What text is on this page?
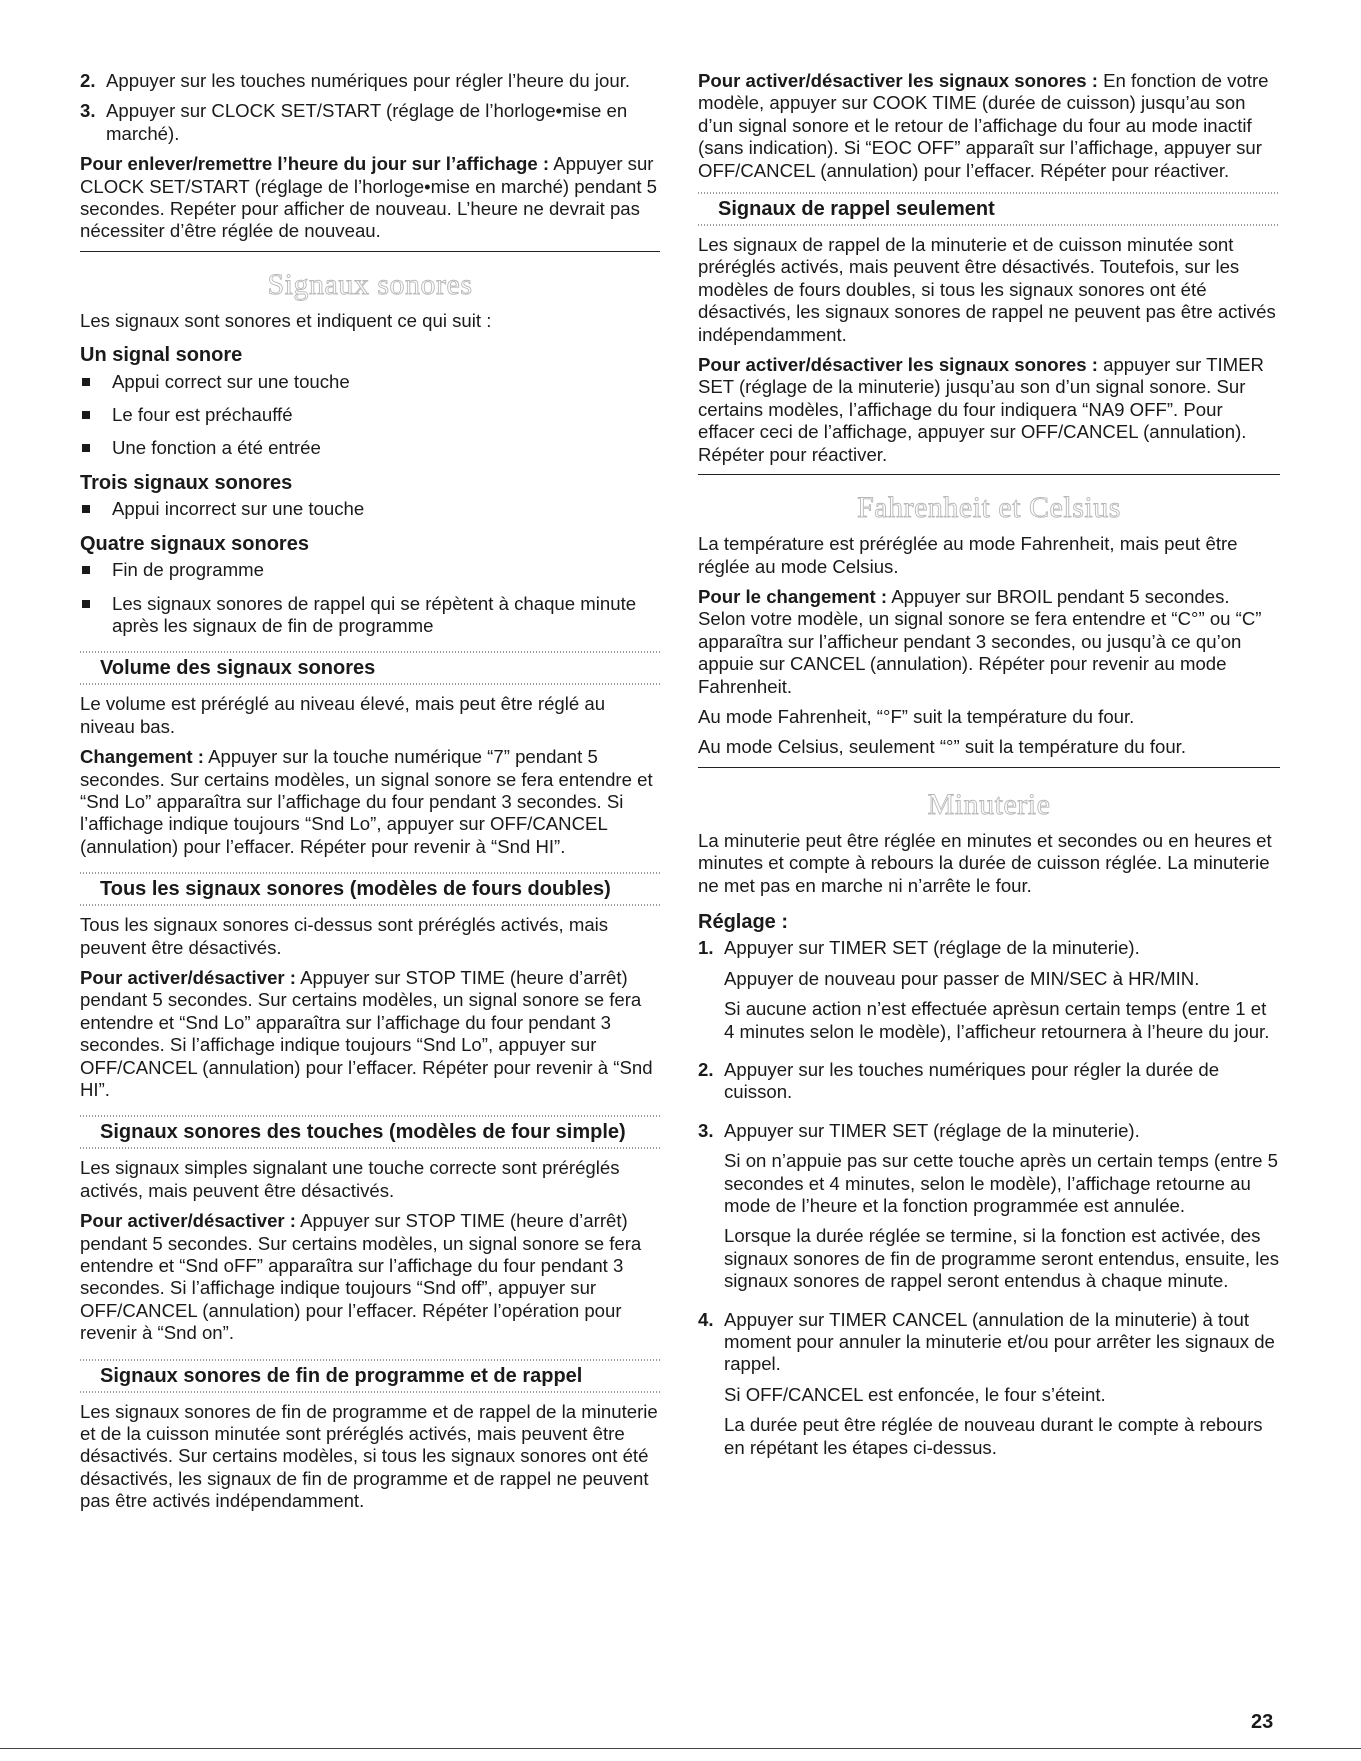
2. Appuyer sur les touches numériques pour régler l’heure du jour.
3. Appuyer sur CLOCK SET/START (réglage de l’horloge•mise en marché).

Pour enlever/remettre l’heure du jour sur l’affichage : Appuyer sur CLOCK SET/START (réglage de l’horloge•mise en marché) pendant 5 secondes. Repéter pour afficher de nouveau. L’heure ne devrait pas nécessiter d’être réglée de nouveau.

Signaux sonores

Les signaux sont sonores et indiquent ce qui suit :

Un signal sonore
Appui correct sur une touche
Le four est préchauffé
Une fonction a été entrée
Trois signaux sonores
Appui incorrect sur une touche
Quatre signaux sonores
Fin de programme
Les signaux sonores de rappel qui se répètent à chaque minute après les signaux de fin de programme
Volume des signaux sonores

Le volume est préréglé au niveau élevé, mais peut être réglé au niveau bas.

Changement : Appuyer sur la touche numérique “7” pendant 5 secondes. Sur certains modèles, un signal sonore se fera entendre et “Snd Lo” apparaîtra sur l’affichage du four pendant 3 secondes. Si l’affichage indique toujours “Snd Lo”, appuyer sur OFF/CANCEL (annulation) pour l’effacer. Répéter pour revenir à “Snd HI”.

Tous les signaux sonores (modèles de fours doubles)

Tous les signaux sonores ci-dessus sont préréglés activés, mais peuvent être désactivés.

Pour activer/désactiver : Appuyer sur STOP TIME (heure d’arrêt) pendant 5 secondes. Sur certains modèles, un signal sonore se fera entendre et “Snd Lo” apparaîtra sur l’affichage du four pendant 3 secondes. Si l’affichage indique toujours “Snd Lo”, appuyer sur OFF/CANCEL (annulation) pour l’effacer. Répéter pour revenir à “Snd HI”.

Signaux sonores des touches (modèles de four simple)

Les signaux simples signalant une touche correcte sont préréglés activés, mais peuvent être désactivés.

Pour activer/désactiver : Appuyer sur STOP TIME (heure d’arrêt) pendant 5 secondes. Sur certains modèles, un signal sonore se fera entendre et “Snd oFF” apparaîtra sur l’affichage du four pendant 3 secondes. Si l’affichage indique toujours “Snd off”, appuyer sur OFF/CANCEL (annulation) pour l’effacer. Répéter l’opération pour revenir à “Snd on”.

Signaux sonores de fin de programme et de rappel

Les signaux sonores de fin de programme et de rappel de la minuterie et de la cuisson minutée sont préréglés activés, mais peuvent être désactivés. Sur certains modèles, si tous les signaux sonores ont été désactivés, les signaux de fin de programme et de rappel ne peuvent pas être activés indépendamment.

Pour activer/désactiver les signaux sonores : En fonction de votre modèle, appuyer sur COOK TIME (durée de cuisson) jusqu’au son d’un signal sonore et le retour de l’affichage du four au mode inactif (sans indication). Si “EOC OFF” apparaît sur l’affichage, appuyer sur OFF/CANCEL (annulation) pour l’effacer. Répéter pour réactiver.

Signaux de rappel seulement

Les signaux de rappel de la minuterie et de cuisson minutée sont préréglés activés, mais peuvent être désactivés. Toutefois, sur les modèles de fours doubles, si tous les signaux sonores ont été désactivés, les signaux sonores de rappel ne peuvent pas être activés indépendamment.

Pour activer/désactiver les signaux sonores : appuyer sur TIMER SET (réglage de la minuterie) jusqu’au son d’un signal sonore. Sur certains modèles, l’affichage du four indiquera “NA9 OFF”. Pour effacer ceci de l’affichage, appuyer sur OFF/CANCEL (annulation). Répéter pour réactiver.

Fahrenheit et Celsius

La température est préréglée au mode Fahrenheit, mais peut être réglée au mode Celsius.

Pour le changement : Appuyer sur BROIL pendant 5 secondes. Selon votre modèle, un signal sonore se fera entendre et “C°” ou “C” apparaîtra sur l’afficheur pendant 3 secondes, ou jusqu’à ce qu’on appuie sur CANCEL (annulation). Répéter pour revenir au mode Fahrenheit.

Au mode Fahrenheit, “°F” suit la température du four.

Au mode Celsius, seulement “°” suit la température du four.

Minuterie

La minuterie peut être réglée en minutes et secondes ou en heures et minutes et compte à rebours la durée de cuisson réglée. La minuterie ne met pas en marche ni n’arrête le four.

Réglage :
1. Appuyer sur TIMER SET (réglage de la minuterie).

Appuyer de nouveau pour passer de MIN/SEC à HR/MIN.

Si aucune action n’est effectuée aprèsun certain temps (entre 1 et 4 minutes selon le modèle), l’afficheur retournera à l’heure du jour.

2. Appuyer sur les touches numériques pour régler la durée de cuisson.

3. Appuyer sur TIMER SET (réglage de la minuterie).

Si on n’appuie pas sur cette touche après un certain temps (entre 5 secondes et 4 minutes, selon le modèle), l’affichage retourne au mode de l’heure et la fonction programmée est annulée.

Lorsque la durée réglée se termine, si la fonction est activée, des signaux sonores de fin de programme seront entendus, ensuite, les signaux sonores de rappel seront entendus à chaque minute.

4. Appuyer sur TIMER CANCEL (annulation de la minuterie) à tout moment pour annuler la minuterie et/ou pour arrêter les signaux de rappel.

Si OFF/CANCEL est enfoncée, le four s’éteint.

La durée peut être réglée de nouveau durant le compte à rebours en répétant les étapes ci-dessus.

23
